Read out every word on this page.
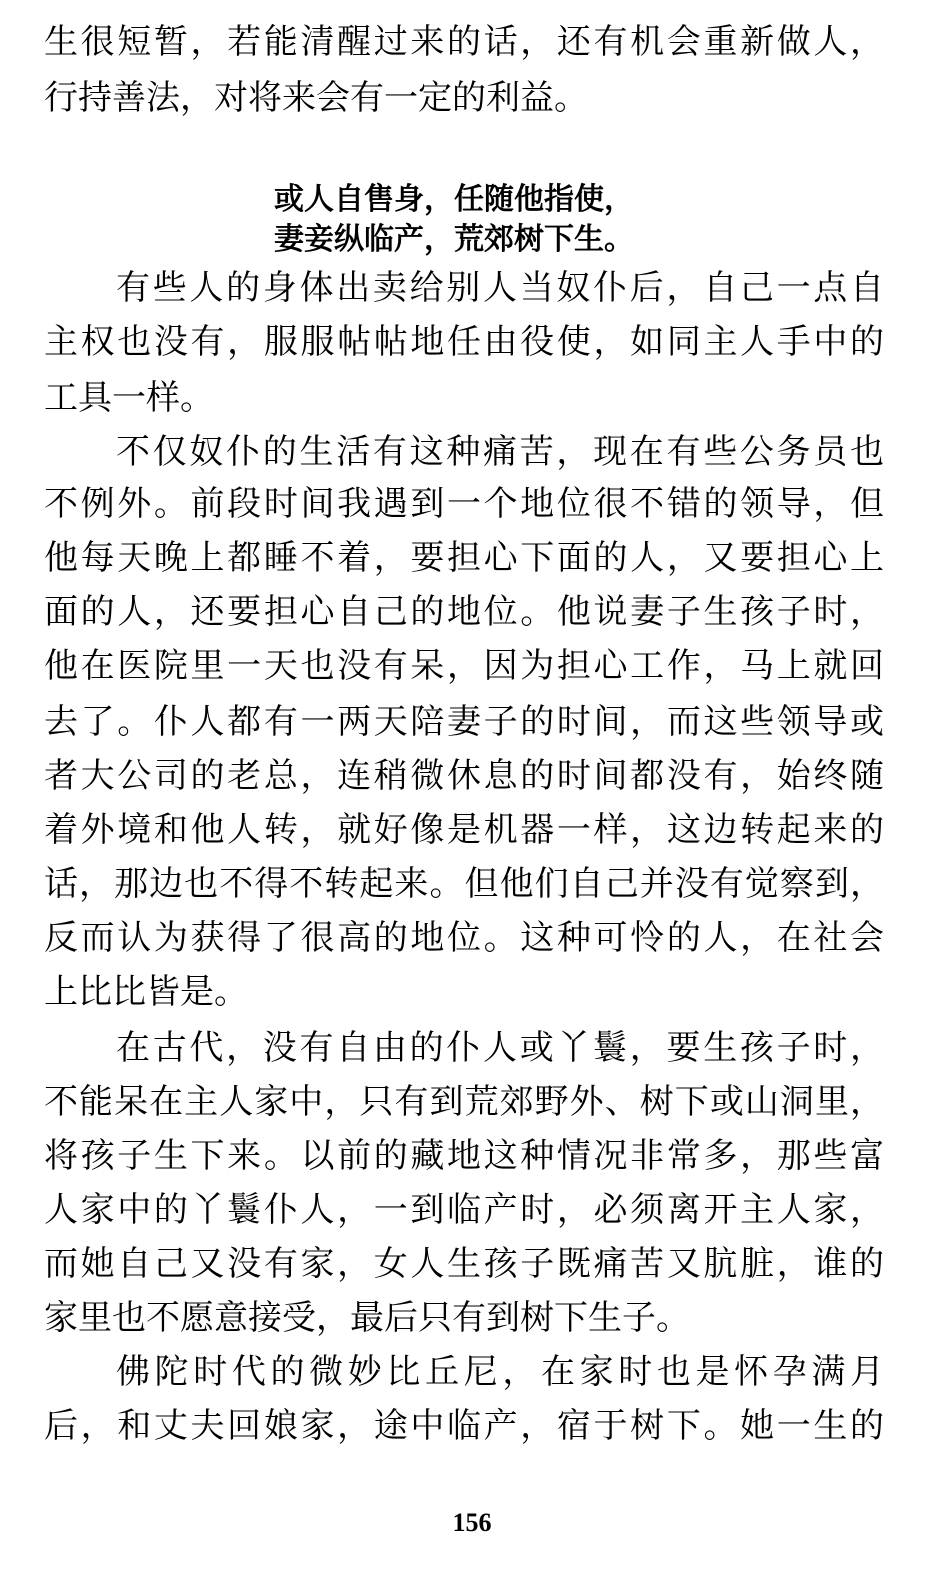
生很短暂，若能清醒过来的话，还有机会重新做人，
行持善法，对将来会有一定的利益。
或人自售身，任随他指使，
妻妾纵临产，荒郊树下生。
有些人的身体出卖给别人当奴仆后，自己一点自
主权也没有，服服帖帖地任由役使，如同主人手中的
工具一样。
不仅奴仆的生活有这种痛苦，现在有些公务员也
不例外。前段时间我遇到一个地位很不错的领导，但
他每天晚上都睡不着，要担心下面的人，又要担心上
面的人，还要担心自己的地位。他说妻子生孩子时，
他在医院里一天也没有呆，因为担心工作，马上就回
去了。仆人都有一两天陪妻子的时间，而这些领导或
者大公司的老总，连稍微休息的时间都没有，始终随
着外境和他人转，就好像是机器一样，这边转起来的
话，那边也不得不转起来。但他们自己并没有觉察到，
反而认为获得了很高的地位。这种可怜的人，在社会
上比比皆是。
在古代，没有自由的仆人或丫鬟，要生孩子时，
不能呆在主人家中，只有到荒郊野外、树下或山洞里，
将孩子生下来。以前的藏地这种情况非常多，那些富
人家中的丫鬟仆人，一到临产时，必须离开主人家，
而她自己又没有家，女人生孩子既痛苦又肮脏，谁的
家里也不愿意接受，最后只有到树下生子。
佛陀时代的微妙比丘尼，在家时也是怀孕满月
后，和丈夫回娘家，途中临产，宿于树下。她一生的
156
